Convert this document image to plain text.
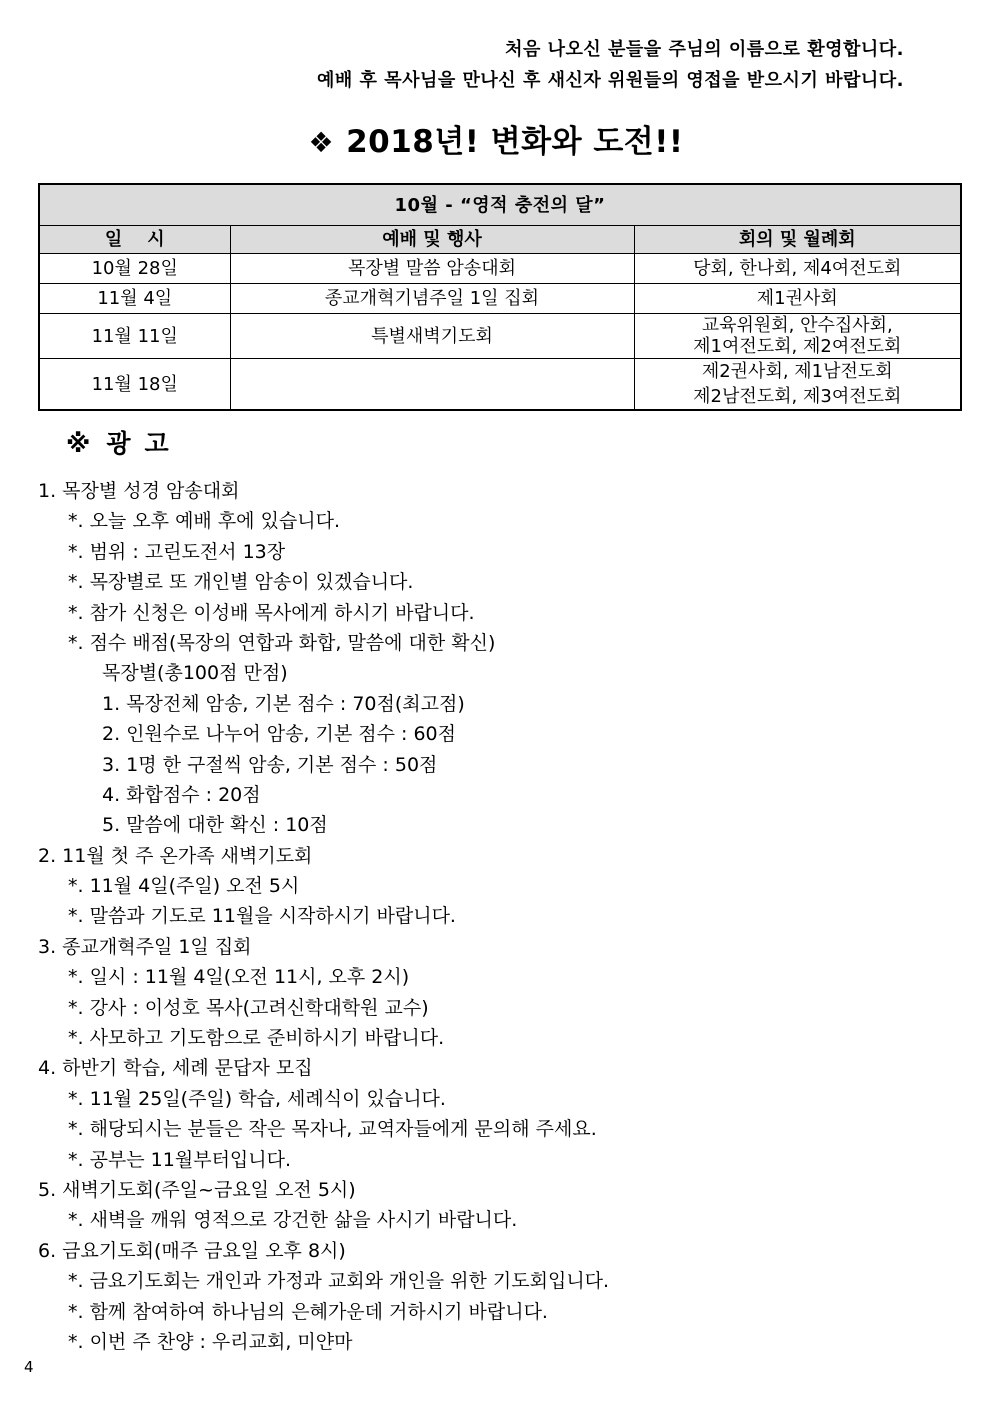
처음 나오신 분들을 주님의 이름으로 환영합니다.
예배 후 목사님을 만나신 후 새신자 위원들의 영접을 받으시기 바랍니다.
❖ 2018년! 변화와 도전!!
10월 - “영적 충전의 달”		
일    시	예배 및 행사	회의 및 월례회
10월 28일	목장별 말씀 암송대회	당회, 한나회, 제4여전도회

11월 4일	종교개혁기념주일 1일 집회	제1권사회

11월 11일	특별새벽기도회	교육위원회, 안수집사회,
제1여전도회, 제2여전도회

11월 18일		제2권사회, 제1남전도회
제2남전도회, 제3여전도회
※ 광 고
1. 목장별 성경 암송대회
*. 오늘 오후 예배 후에 있습니다.
*. 범위 : 고린도전서 13장
*. 목장별로 또 개인별 암송이 있겠습니다.
*. 참가 신청은 이성배 목사에게 하시기 바랍니다.
*. 점수 배점(목장의 연합과 화합, 말씀에 대한 확신)
목장별(총100점 만점)
1. 목장전체 암송, 기본 점수 : 70점(최고점)
2. 인원수로 나누어 암송, 기본 점수 : 60점
3. 1명 한 구절씩 암송, 기본 점수 : 50점
4. 화합점수 : 20점
5. 말씀에 대한 확신 : 10점
2. 11월 첫 주 온가족 새벽기도회
*. 11월 4일(주일) 오전 5시
*. 말씀과 기도로 11월을 시작하시기 바랍니다.
3. 종교개혁주일 1일 집회
*. 일시 : 11월 4일(오전 11시, 오후 2시)
*. 강사 : 이성호 목사(고려신학대학원 교수)
*. 사모하고 기도함으로 준비하시기 바랍니다.
4. 하반기 학습, 세례 문답자 모집
*. 11월 25일(주일) 학습, 세례식이 있습니다.
*. 해당되시는 분들은 작은 목자나, 교역자들에게 문의해 주세요.
*. 공부는 11월부터입니다.
5. 새벽기도회(주일~금요일 오전 5시)
*. 새벽을 깨워 영적으로 강건한 삶을 사시기 바랍니다.
6. 금요기도회(매주 금요일 오후 8시)
*. 금요기도회는 개인과 가정과 교회와 개인을 위한 기도회입니다.
*. 함께 참여하여 하나님의 은혜가운데 거하시기 바랍니다.
*. 이번 주 찬양 : 우리교회, 미얀마
4
